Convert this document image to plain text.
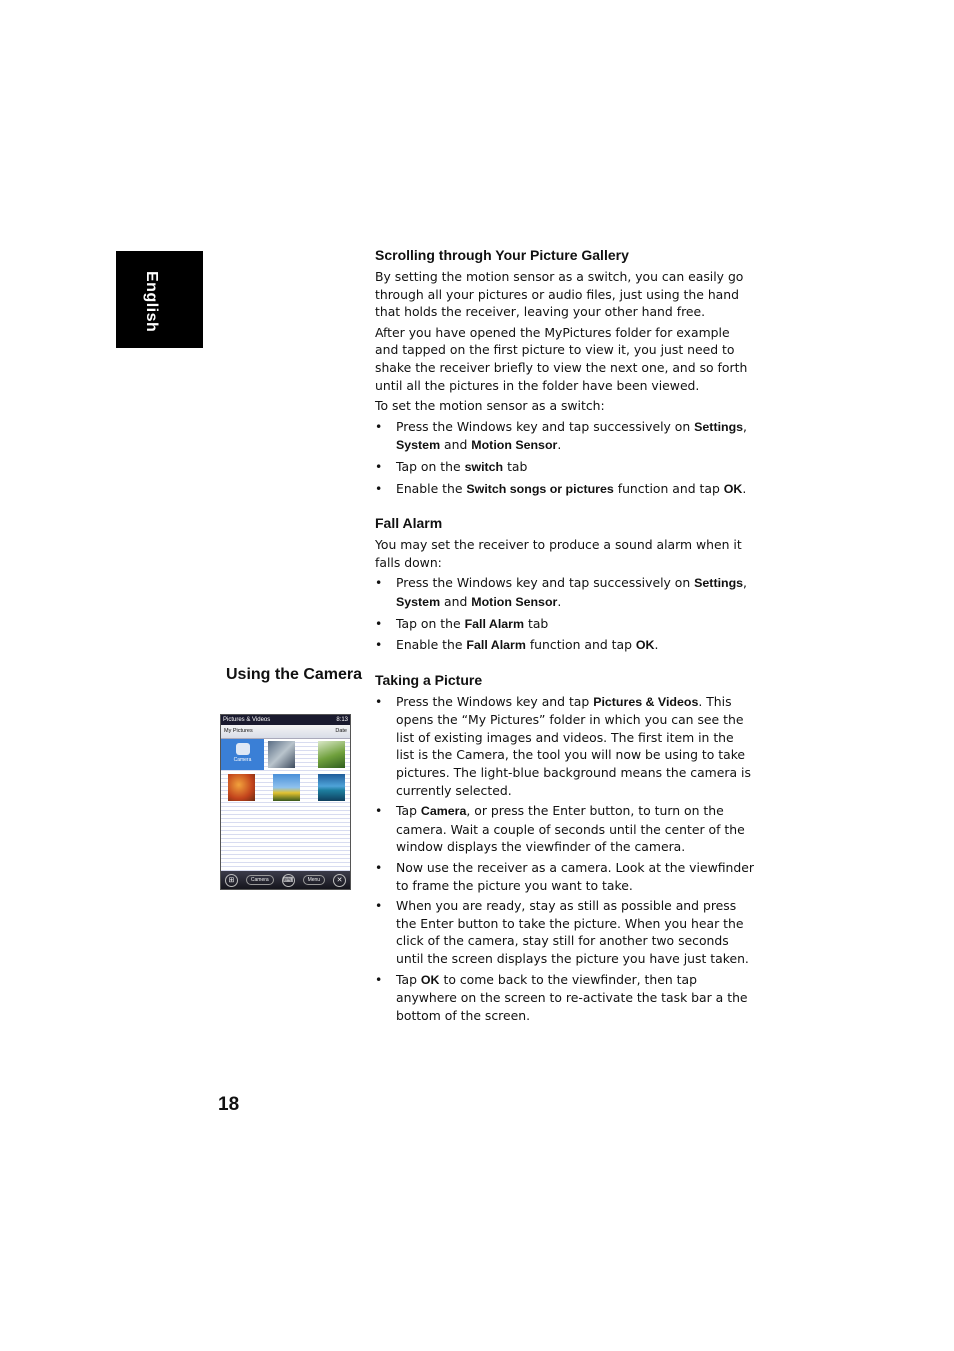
English
Using the Camera
Pictures & Videos	8:13
My Pictures	Date
Camera
⊞	Camera	⌨	Menu	✕
Scrolling through Your Picture Gallery

By setting the motion sensor as a switch, you can easily go through all your pictures or audio files, just using the hand that holds the receiver, leaving your other hand free.

After you have opened the MyPictures folder for example and tapped on the first picture to view it, you just need to shake the receiver briefly to view the next one, and so forth until all the pictures in the folder have been viewed.

To set the motion sensor as a switch:

• Press the Windows key and tap successively on Settings, System and Motion Sensor.
• Tap on the switch tab
• Enable the Switch songs or pictures function and tap OK.
Fall Alarm

You may set the receiver to produce a sound alarm when it falls down:

• Press the Windows key and tap successively on Settings, System and Motion Sensor.
• Tap on the Fall Alarm tab
• Enable the Fall Alarm function and tap OK.
Taking a Picture
• Press the Windows key and tap Pictures & Videos. This opens the “My Pictures” folder in which you can see the list of existing images and videos. The first item in the list is the Camera, the tool you will now be using to take pictures. The light-blue background means the camera is currently selected.
• Tap Camera, or press the Enter button, to turn on the camera. Wait a couple of seconds until the center of the window displays the viewfinder of the camera.
• Now use the receiver as a camera. Look at the viewfinder to frame the picture you want to take.
• When you are ready, stay as still as possible and press the Enter button to take the picture. When you hear the click of the camera, stay still for another two seconds until the screen displays the picture you have just taken.
• Tap OK to come back to the viewfinder, then tap anywhere on the screen to re-activate the task bar a the bottom of the screen.
18
